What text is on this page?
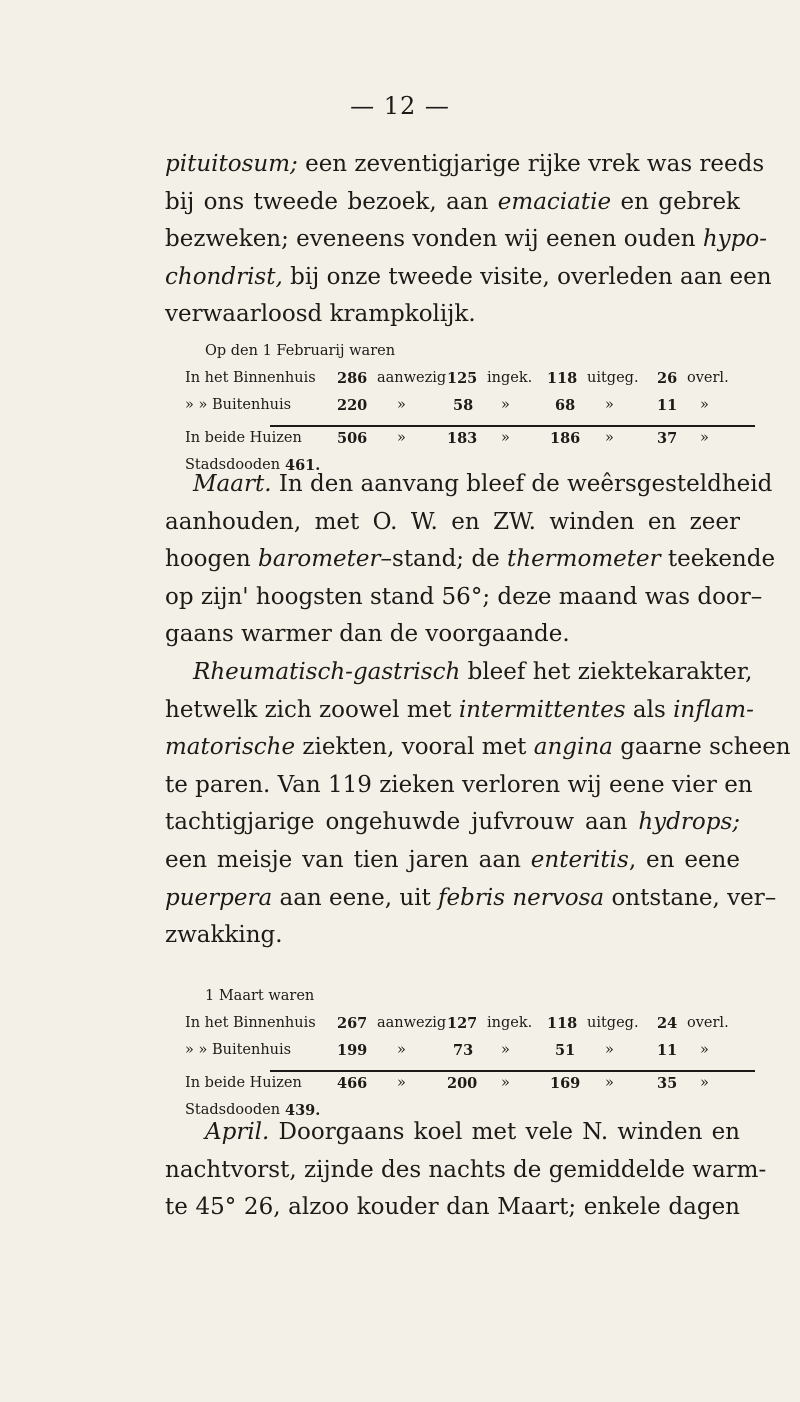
— 12 —
pituitosum; een zeventigjarige rijke vrek was reeds
bij ons tweede bezoek, aan emaciatie en gebrek
bezweken; eveneens vonden wij eenen ouden hypo-
chondrist, bij onze tweede visite, overleden aan een
verwaarloosd krampkolijk.
Op den 1 Februarij waren
In het Binnenhuis 286 aanwezig 125 ingek. 118 uitgeg. 26 overl.
» » Buitenhuis	220 »	58 »	68 »	11 »
In beide Huizen 506 »	183 »	186 »	37 »
Stadsdooden 461.
Maart. In den aanvang bleef de weêrsgesteldheid
aanhouden, met O. W. en ZW. winden en zeer
hoogen barometer–stand; de thermometer teekende
op zijn' hoogsten stand 56°; deze maand was door–
gaans warmer dan de voorgaande.
Rheumatisch-gastrisch bleef het ziektekarakter,
hetwelk zich zoowel met intermittentes als inflam-
matorische ziekten, vooral met angina gaarne scheen
te paren. Van 119 zieken verloren wij eene vier en
tachtigjarige ongehuwde jufvrouw aan hydrops;
een meisje van tien jaren aan enteritis, en eene
puerpera aan eene, uit febris nervosa ontstane, ver–
zwakking.
1 Maart waren
In het Binnenhuis 267 aanwezig 127 ingek. 118 uitgeg. 24 overl.
» » Buitenhuis	199 »	73 »	51 »	11 »
In beide Huizen 466 »	200 »	169 »	35 »
Stadsdooden 439.
April. Doorgaans koel met vele N. winden en
nachtvorst, zijnde des nachts de gemiddelde warm-
te 45° 26, alzoo kouder dan Maart; enkele dagen
